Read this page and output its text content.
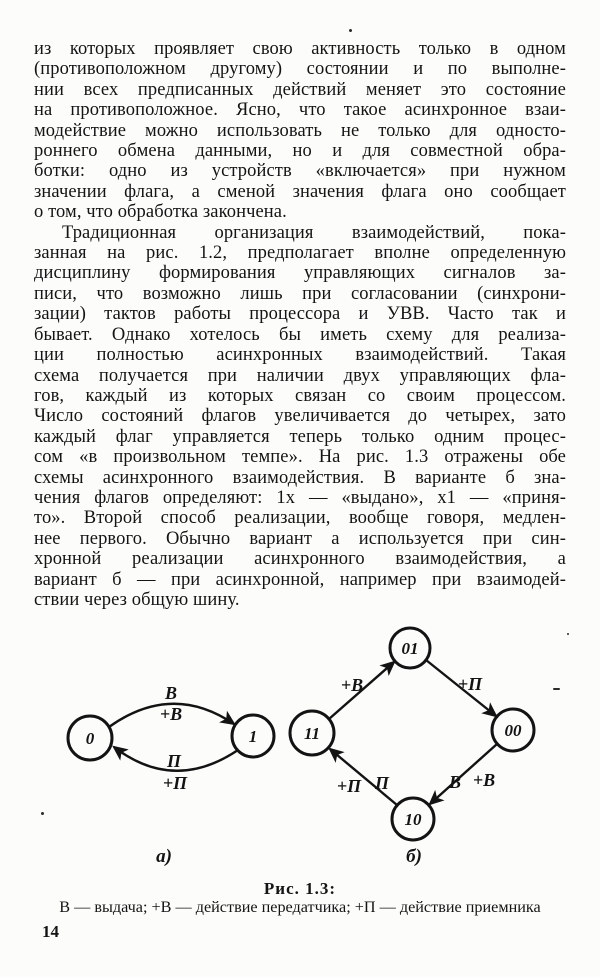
из которых проявляет свою активность только в одном
(противоположном другому) состоянии и по выполне-
нии всех предписанных действий меняет это состояние
на противоположное. Ясно, что такое асинхронное взаи-
модействие можно использовать не только для односто-
роннего обмена данными, но и для совместной обра-
ботки: одно из устройств «включается» при нужном
значении флага, а сменой значения флага оно сообщает
о том, что обработка закончена.
Традиционная организация взаимодействий, пока-
занная на рис. 1.2, предполагает вполне определенную
дисциплину формирования управляющих сигналов за-
писи, что возможно лишь при согласовании (синхрони-
зации) тактов работы процессора и УВВ. Часто так и
бывает. Однако хотелось бы иметь схему для реализа-
ции полностью асинхронных взаимодействий. Такая
схема получается при наличии двух управляющих фла-
гов, каждый из которых связан со своим процессом.
Число состояний флагов увеличивается до четырех, зато
каждый флаг управляется теперь только одним процес-
сом «в произвольном темпе». На рис. 1.3 отражены обе
схемы асинхронного взаимодействия. В варианте б зна-
чения флагов определяют: 1х — «выдано», х1 — «приня-
то». Второй способ реализации, вообще говоря, медлен-
нее первого. Обычно вариант а используется при син-
хронной реализации асинхронного взаимодействия, а
вариант б — при асинхронной, например при взаимодей-
ствии через общую шину.
0	1
В
+В
П
+П
а)
01
00
10
11
+В	+П
В +В
+П П
б)
Рис. 1.3:
В — выдача; +В — действие передатчика; +П — действие приемника
14
